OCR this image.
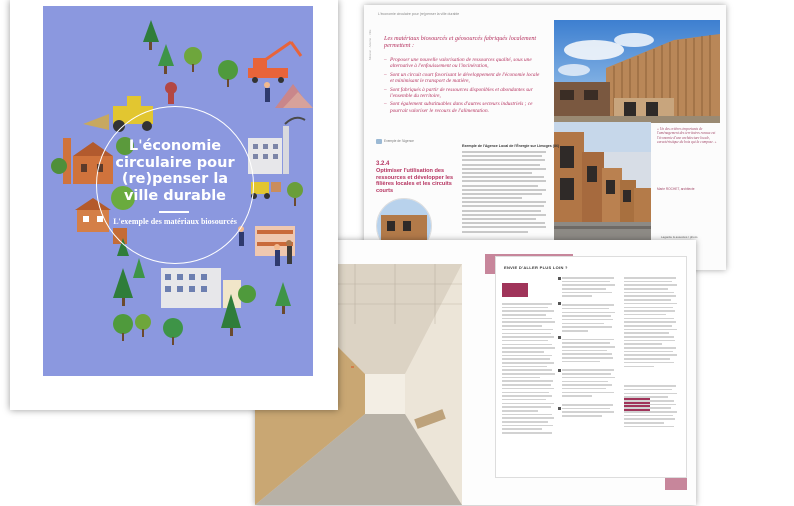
L'économie circulaire pour (re)penser la ville durable
Mission · Ademe · Ville Les matériaux biosourcés et géosourcés fabriqués localement permettent :
– Proposer une nouvelle valorisation de ressources qualité, sous une alternative à l'enfouissement ou l'incinération,
– Sont un circuit court favorisant le développement de l'économie locale et minimisant le transport de matière,
– Sont fabriqués à partir de ressources disponibles et abondantes sur l'ensemble du territoire,
– Sont également substituables dans d'autres secteurs industriels ; ce pourrait valoriser le recours de l'alimentation.
« Un des critères importants de l'aménagement des territoires ruraux est l'économie d'une architecture locale, caractéristique du bois qui la compose. »
Marie ROCHET, architecte
Lagarde & associés / photo
Exemple de l'Agence
3.2.4
Optimiser l'utilisation des ressources et développer les filières locales et les circuits courts
Exemple de l'Agence Local de l'Énergie sur Limoges (86)
ENVIE D'ALLER PLUS LOIN ?
L'économie circulaire pour (re)penser la ville durable
L'exemple des matériaux biosourcés
